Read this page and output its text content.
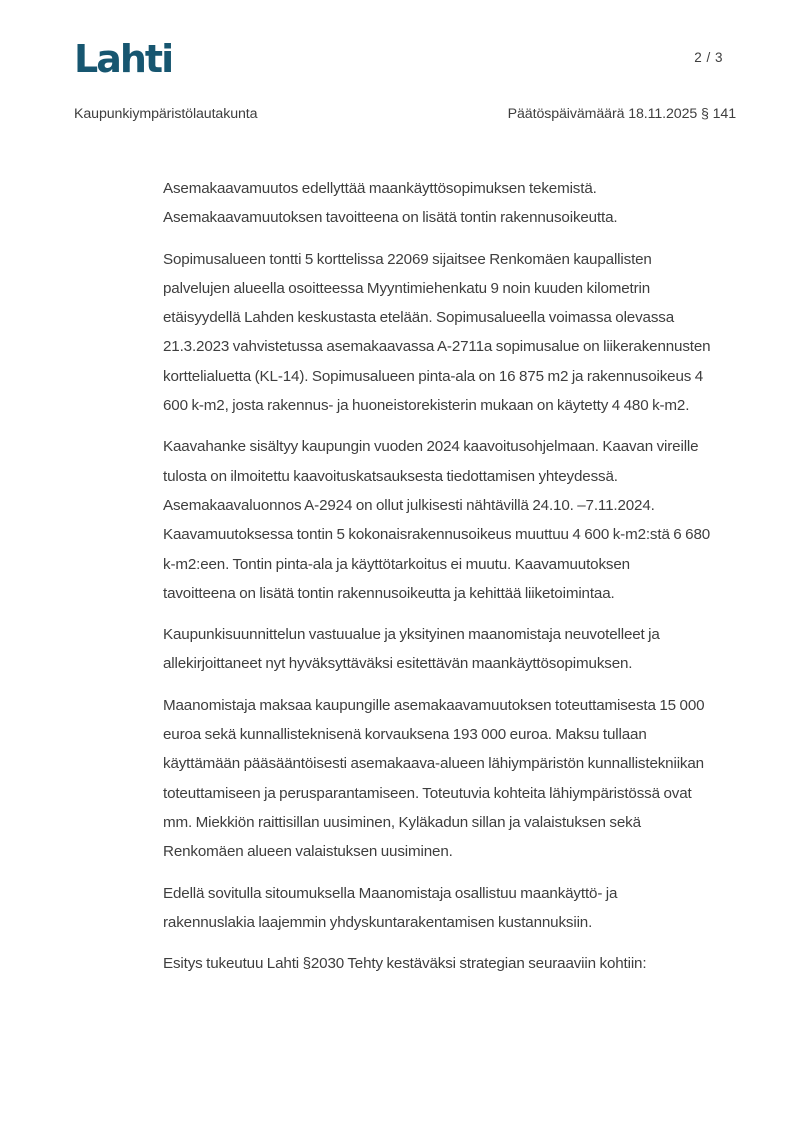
Lahti	2 / 3
Kaupunkiympäristölautakunta	Päätöspäivämäärä 18.11.2025 § 141

Asemakaavamuutos edellyttää maankäyttösopimuksen tekemistä.
Asemakaavamuutoksen tavoitteena on lisätä tontin rakennusoikeutta.

Sopimusalueen tontti 5 korttelissa 22069 sijaitsee Renkomäen kaupallisten
palvelujen alueella osoitteessa Myyntimiehenkatu 9 noin kuuden kilometrin
etäisyydellä Lahden keskustasta etelään. Sopimusalueella voimassa olevassa
21.3.2023 vahvistetussa asemakaavassa A-2711a sopimusalue on liikerakennusten
korttelialuetta (KL-14). Sopimusalueen pinta-ala on 16 875 m2 ja rakennusoikeus 4
600 k-m2, josta rakennus- ja huoneistorekisterin mukaan on käytetty 4 480 k-m2.

Kaavahanke sisältyy kaupungin vuoden 2024 kaavoitusohjelmaan. Kaavan vireille
tulosta on ilmoitettu kaavoituskatsauksesta tiedottamisen yhteydessä.
Asemakaavaluonnos A-2924 on ollut julkisesti nähtävillä 24.10. –7.11.2024.
Kaavamuutoksessa tontin 5 kokonaisrakennusoikeus muuttuu 4 600 k-m2:stä 6 680
k-m2:een. Tontin pinta-ala ja käyttötarkoitus ei muutu. Kaavamuutoksen
tavoitteena on lisätä tontin rakennusoikeutta ja kehittää liiketoimintaa.

Kaupunkisuunnittelun vastuualue ja yksityinen maanomistaja neuvotelleet ja
allekirjoittaneet nyt hyväksyttäväksi esitettävän maankäyttösopimuksen.

Maanomistaja maksaa kaupungille asemakaavamuutoksen toteuttamisesta 15 000
euroa sekä kunnallisteknisenä korvauksena 193 000 euroa. Maksu tullaan
käyttämään pääsääntöisesti asemakaava-alueen lähiympäristön kunnallistekniikan
toteuttamiseen ja perusparantamiseen. Toteutuvia kohteita lähiympäristössä ovat
mm. Miekkiön raittisillan uusiminen, Kyläkadun sillan ja valaistuksen sekä
Renkomäen alueen valaistuksen uusiminen.

Edellä sovitulla sitoumuksella Maanomistaja osallistuu maankäyttö- ja
rakennuslakia laajemmin yhdyskuntarakentamisen kustannuksiin.

Esitys tukeutuu Lahti §2030 Tehty kestäväksi strategian seuraaviin kohtiin:
